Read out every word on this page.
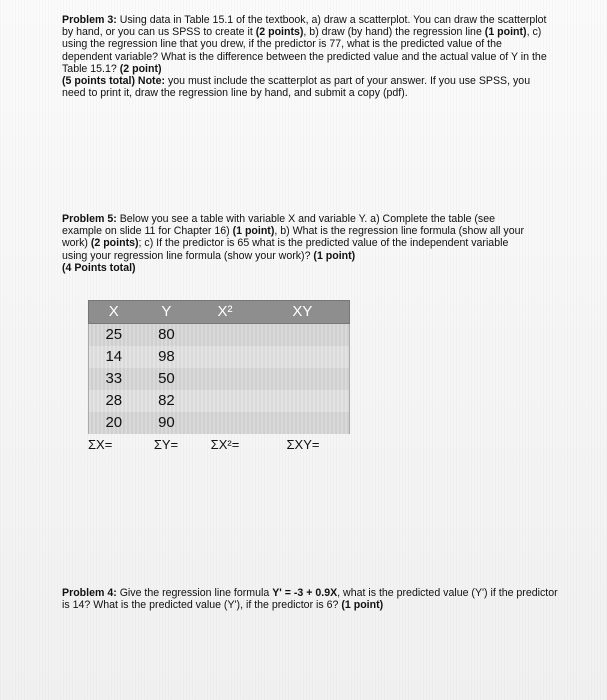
Problem 3: Using data in Table 15.1 of the textbook, a) draw a scatterplot. You can draw the scatterplot by hand, or you can us SPSS to create it (2 points), b) draw (by hand) the regression line (1 point), c) using the regression line that you drew, if the predictor is 77, what is the predicted value of the dependent variable? What is the difference between the predicted value and the actual value of Y in the Table 15.1? (2 point)
(5 points total) Note: you must include the scatterplot as part of your answer. If you use SPSS, you need to print it, draw the regression line by hand, and submit a copy (pdf).
Problem 5: Below you see a table with variable X and variable Y. a) Complete the table (see example on slide 11 for Chapter 16) (1 point), b) What is the regression line formula (show all your work) (2 points); c) If the predictor is 65 what is the predicted value of the independent variable using your regression line formula (show your work)? (1 point)
(4 Points total)
X	Y	X²	XY
25	80
14	98
33	50
28	82
20	90
ΣX=	ΣY=	ΣX²=	ΣXY=
Problem 4: Give the regression line formula Y' = -3 + 0.9X, what is the predicted value (Y') if the predictor is 14? What is the predicted value (Y'), if the predictor is 6? (1 point)
